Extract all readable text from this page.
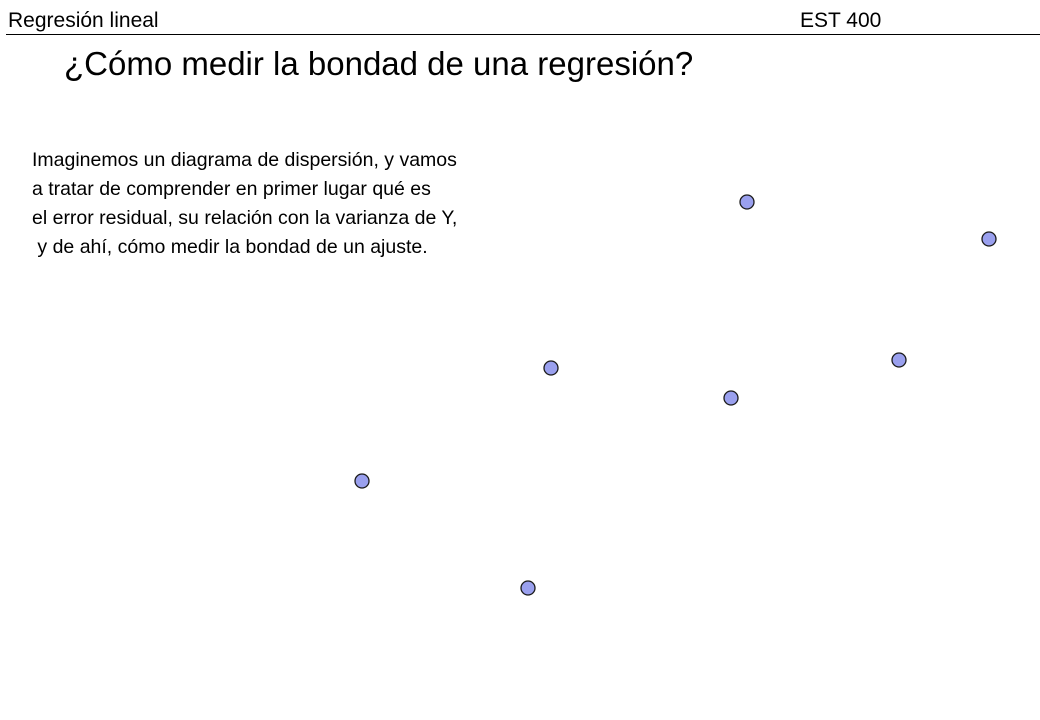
Regresión lineal	EST 400
¿Cómo medir la bondad de una regresión?
Imaginemos un diagrama de dispersión, y vamos
a tratar de comprender en primer lugar qué es
el error residual, su relación con la varianza de Y,
y de ahí, cómo medir la bondad de un ajuste.
